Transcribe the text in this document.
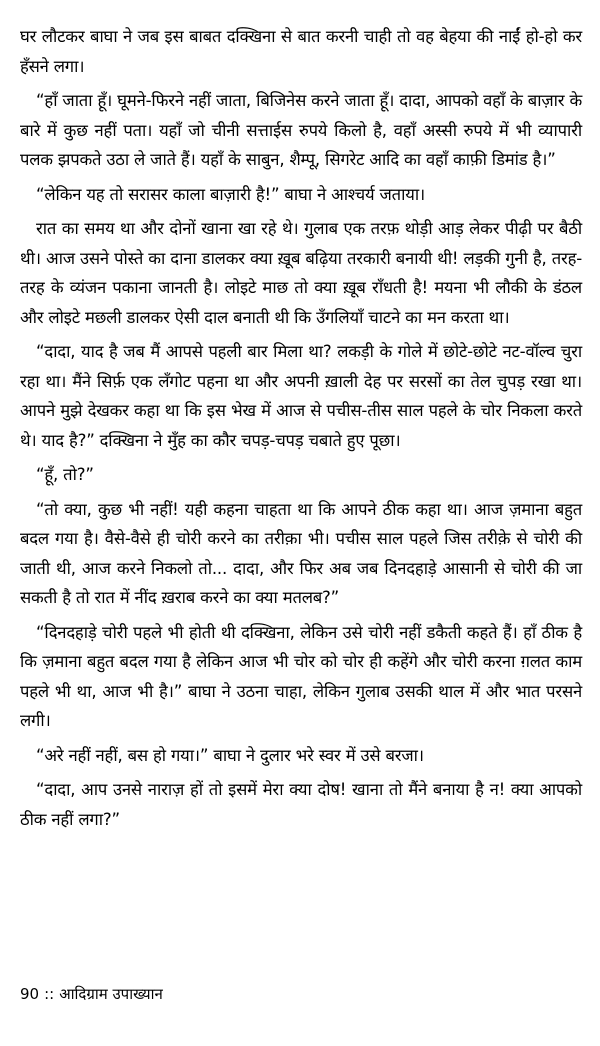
घर लौटकर बाघा ने जब इस बाबत दक्खिना से बात करनी चाही तो वह बेहया की नाईं हो-हो कर हँसने लगा।

“हाँ जाता हूँ। घूमने-फिरने नहीं जाता, बिजिनेस करने जाता हूँ। दादा, आपको वहाँ के बाज़ार के बारे में कुछ नहीं पता। यहाँ जो चीनी सत्ताईस रुपये किलो है, वहाँ अस्सी रुपये में भी व्यापारी पलक झपकते उठा ले जाते हैं। यहाँ के साबुन, शैम्पू, सिगरेट आदि का वहाँ काफ़ी डिमांड है।”

“लेकिन यह तो सरासर काला बाज़ारी है!” बाघा ने आश्चर्य जताया।

रात का समय था और दोनों खाना खा रहे थे। गुलाब एक तरफ़ थोड़ी आड़ लेकर पीढ़ी पर बैठी थी। आज उसने पोस्ते का दाना डालकर क्या ख़ूब बढ़िया तरकारी बनायी थी! लड़की गुनी है, तरह-तरह के व्यंजन पकाना जानती है। लोइटे माछ तो क्या ख़ूब राँधती है! मयना भी लौकी के डंठल और लोइटे मछली डालकर ऐसी दाल बनाती थी कि उँगलियाँ चाटने का मन करता था।

“दादा, याद है जब मैं आपसे पहली बार मिला था? लकड़ी के गोले में छोटे-छोटे नट-वॉल्व चुरा रहा था। मैंने सिर्फ़ एक लँगोट पहना था और अपनी ख़ाली देह पर सरसों का तेल चुपड़ रखा था। आपने मुझे देखकर कहा था कि इस भेख में आज से पचीस-तीस साल पहले के चोर निकला करते थे। याद है?” दक्खिना ने मुँह का कौर चपड़-चपड़ चबाते हुए पूछा।

“हूँ, तो?”

“तो क्या, कुछ भी नहीं! यही कहना चाहता था कि आपने ठीक कहा था। आज ज़माना बहुत बदल गया है। वैसे-वैसे ही चोरी करने का तरीक़ा भी। पचीस साल पहले जिस तरीक़े से चोरी की जाती थी, आज करने निकलो तो... दादा, और फिर अब जब दिनदहाड़े आसानी से चोरी की जा सकती है तो रात में नींद ख़राब करने का क्या मतलब?”

“दिनदहाड़े चोरी पहले भी होती थी दक्खिना, लेकिन उसे चोरी नहीं डकैती कहते हैं। हाँ ठीक है कि ज़माना बहुत बदल गया है लेकिन आज भी चोर को चोर ही कहेंगे और चोरी करना ग़लत काम पहले भी था, आज भी है।” बाघा ने उठना चाहा, लेकिन गुलाब उसकी थाल में और भात परसने लगी।

“अरे नहीं नहीं, बस हो गया।” बाघा ने दुलार भरे स्वर में उसे बरजा।

“दादा, आप उनसे नाराज़ हों तो इसमें मेरा क्या दोष! खाना तो मैंने बनाया है न! क्या आपको ठीक नहीं लगा?”

90 :: आदिग्राम उपाख्यान
